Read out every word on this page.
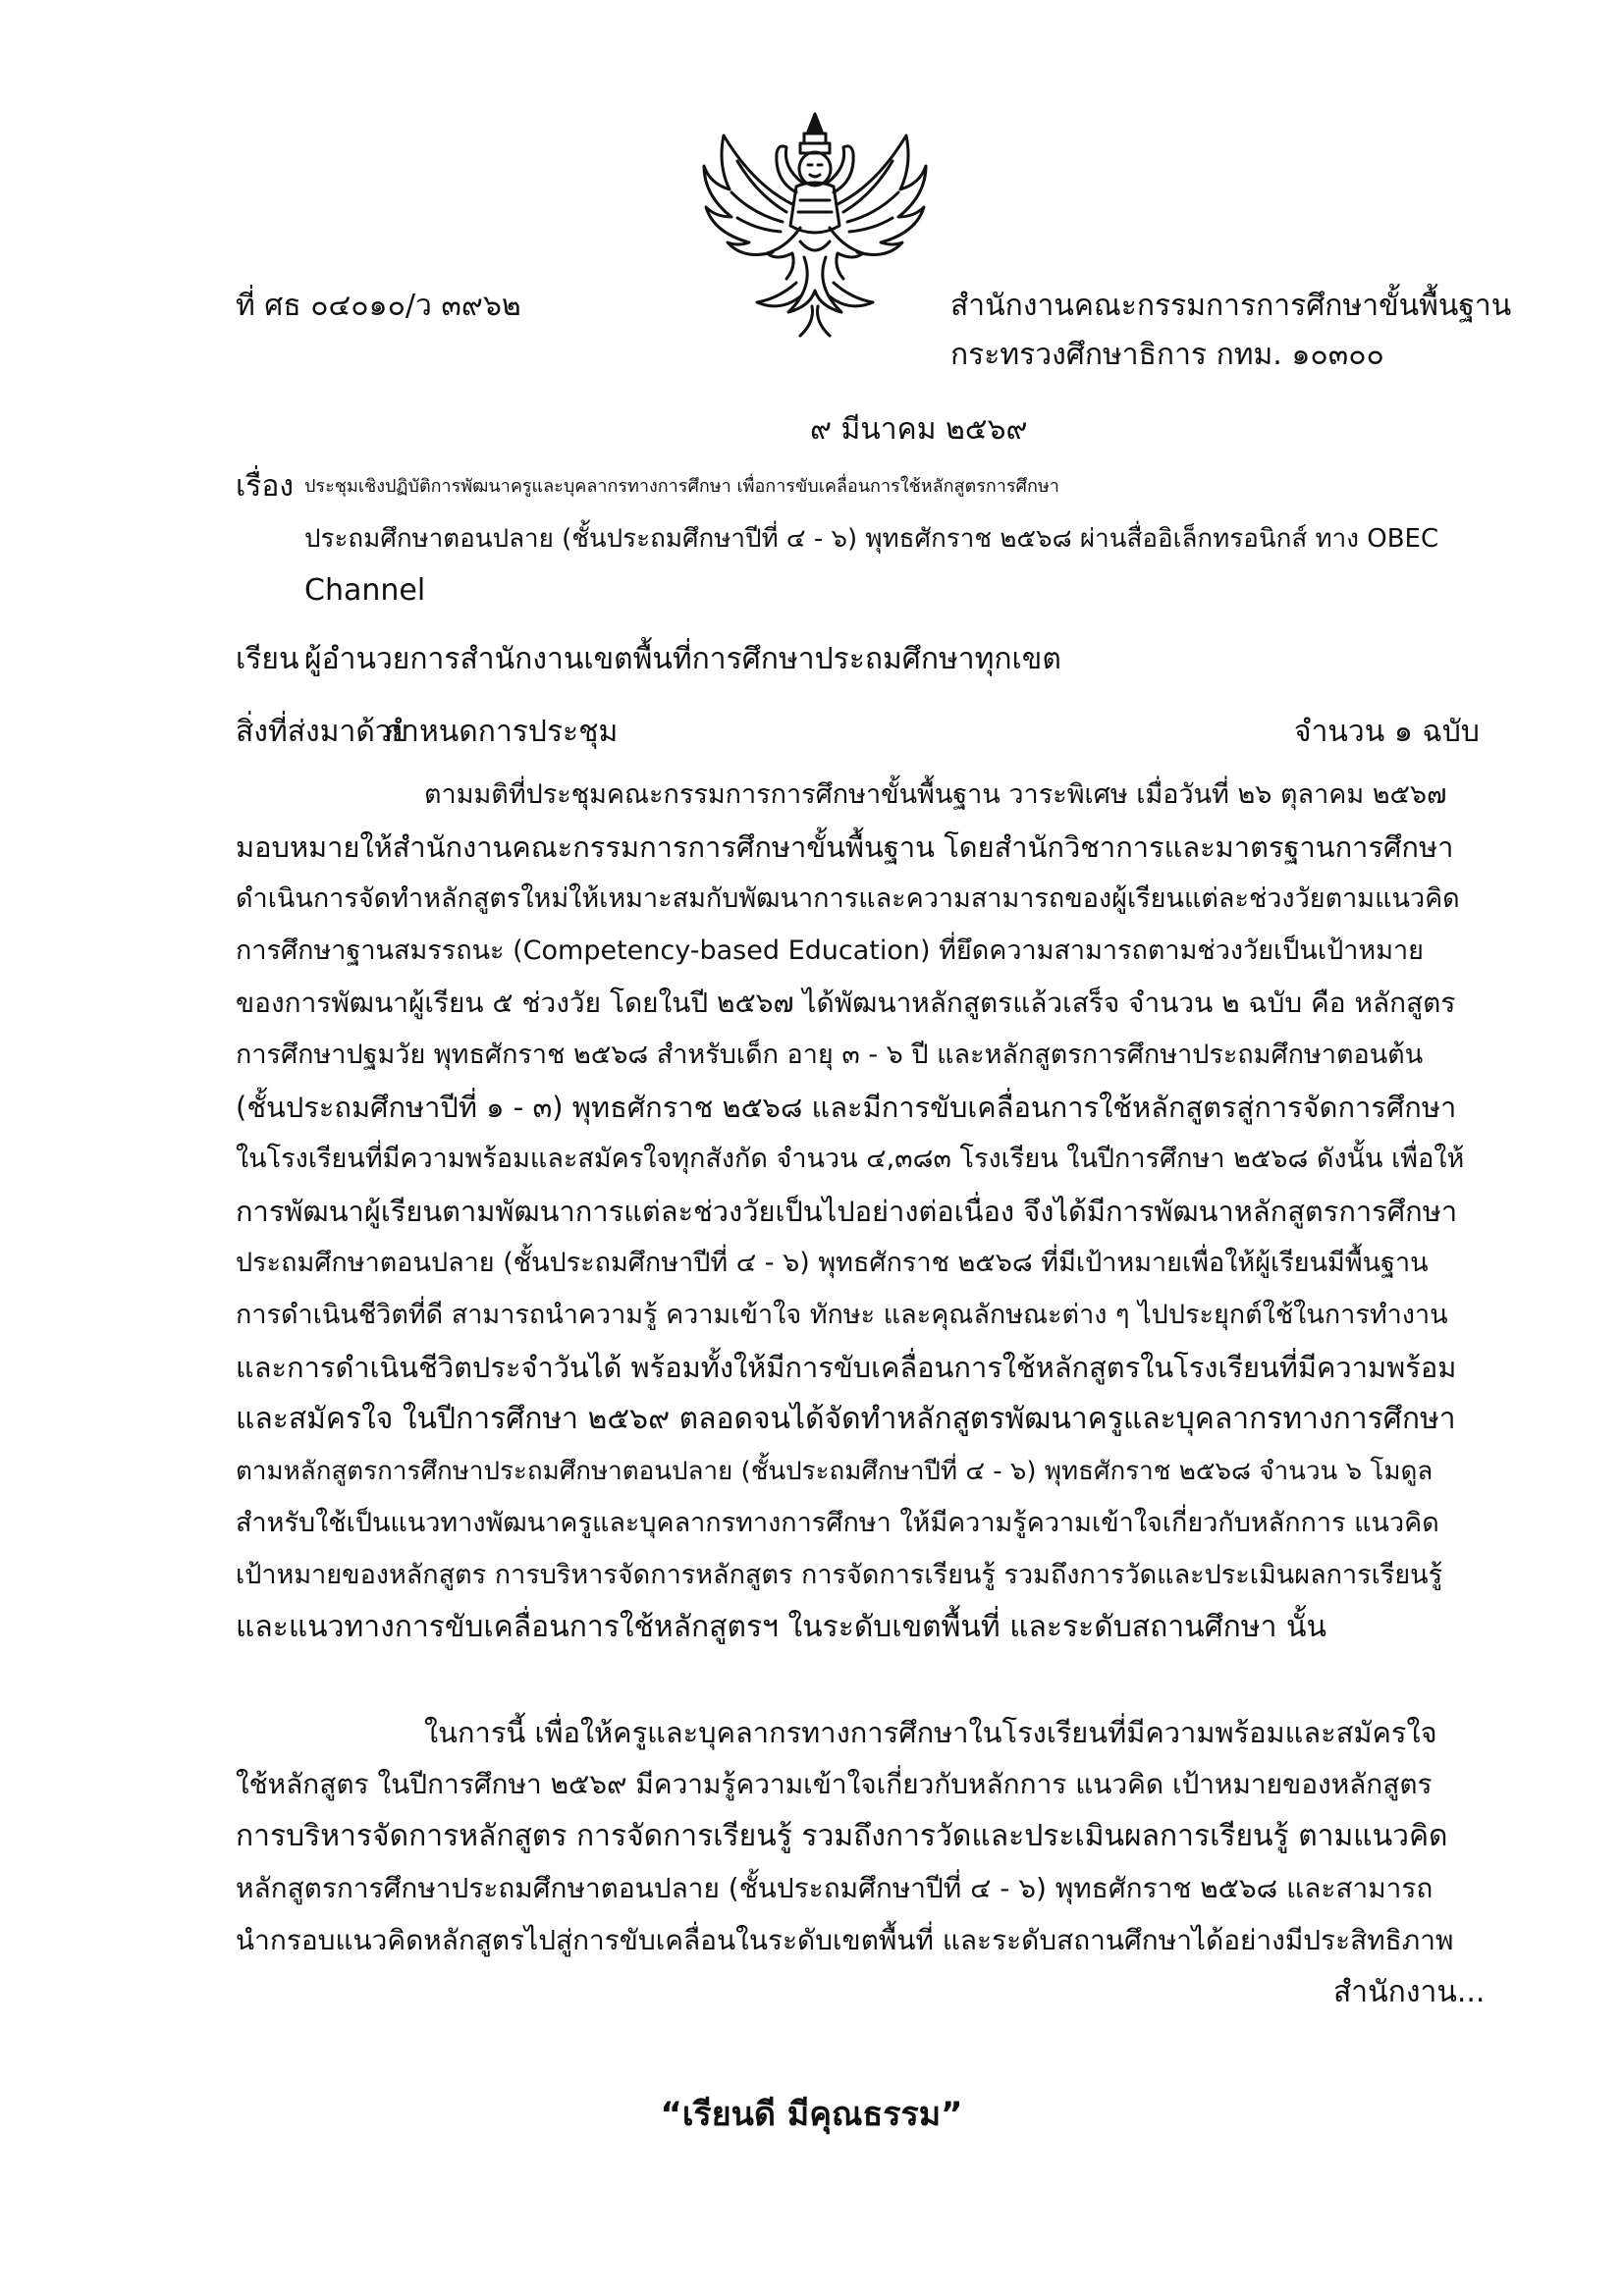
ที่ ศธ ๐๔๐๑๐/ว ๓๙๖๒	สำนักงานคณะกรรมการการศึกษาขั้นพื้นฐาน
กระทรวงศึกษาธิการ กทม. ๑๐๓๐๐
๙ มีนาคม ๒๕๖๙
เรื่อง ประชุมเชิงปฏิบัติการพัฒนาครูและบุคลากรทางการศึกษา เพื่อการขับเคลื่อนการใช้หลักสูตรการศึกษา
ประถมศึกษาตอนปลาย (ชั้นประถมศึกษาปีที่ ๔ - ๖) พุทธศักราช ๒๕๖๘ ผ่านสื่ออิเล็กทรอนิกส์ ทาง OBEC
Channel
เรียน ผู้อำนวยการสำนักงานเขตพื้นที่การศึกษาประถมศึกษาทุกเขต
สิ่งที่ส่งมาด้วย
กำหนดการประชุม	จำนวน ๑ ฉบับ
ตามมติที่ประชุมคณะกรรมการการศึกษาขั้นพื้นฐาน วาระพิเศษ เมื่อวันที่ ๒๖ ตุลาคม ๒๕๖๗
มอบหมายให้สำนักงานคณะกรรมการการศึกษาขั้นพื้นฐาน โดยสำนักวิชาการและมาตรฐานการศึกษา
ดำเนินการจัดทำหลักสูตรใหม่ให้เหมาะสมกับพัฒนาการและความสามารถของผู้เรียนแต่ละช่วงวัยตามแนวคิด
การศึกษาฐานสมรรถนะ (Competency-based Education) ที่ยึดความสามารถตามช่วงวัยเป็นเป้าหมาย
ของการพัฒนาผู้เรียน ๕ ช่วงวัย โดยในปี ๒๕๖๗ ได้พัฒนาหลักสูตรแล้วเสร็จ จำนวน ๒ ฉบับ คือ หลักสูตร
การศึกษาปฐมวัย พุทธศักราช ๒๕๖๘ สำหรับเด็ก อายุ ๓ - ๖ ปี และหลักสูตรการศึกษาประถมศึกษาตอนต้น
(ชั้นประถมศึกษาปีที่ ๑ - ๓) พุทธศักราช ๒๕๖๘ และมีการขับเคลื่อนการใช้หลักสูตรสู่การจัดการศึกษา
ในโรงเรียนที่มีความพร้อมและสมัครใจทุกสังกัด จำนวน ๔,๓๘๓ โรงเรียน ในปีการศึกษา ๒๕๖๘ ดังนั้น เพื่อให้
การพัฒนาผู้เรียนตามพัฒนาการแต่ละช่วงวัยเป็นไปอย่างต่อเนื่อง จึงได้มีการพัฒนาหลักสูตรการศึกษา
ประถมศึกษาตอนปลาย (ชั้นประถมศึกษาปีที่ ๔ - ๖) พุทธศักราช ๒๕๖๘ ที่มีเป้าหมายเพื่อให้ผู้เรียนมีพื้นฐาน
การดำเนินชีวิตที่ดี สามารถนำความรู้ ความเข้าใจ ทักษะ และคุณลักษณะต่าง ๆ ไปประยุกต์ใช้ในการทำงาน
และการดำเนินชีวิตประจำวันได้ พร้อมทั้งให้มีการขับเคลื่อนการใช้หลักสูตรในโรงเรียนที่มีความพร้อม
และสมัครใจ ในปีการศึกษา ๒๕๖๙ ตลอดจนได้จัดทำหลักสูตรพัฒนาครูและบุคลากรทางการศึกษา
ตามหลักสูตรการศึกษาประถมศึกษาตอนปลาย (ชั้นประถมศึกษาปีที่ ๔ - ๖) พุทธศักราช ๒๕๖๘ จำนวน ๖ โมดูล
สำหรับใช้เป็นแนวทางพัฒนาครูและบุคลากรทางการศึกษา ให้มีความรู้ความเข้าใจเกี่ยวกับหลักการ แนวคิด
เป้าหมายของหลักสูตร การบริหารจัดการหลักสูตร การจัดการเรียนรู้ รวมถึงการวัดและประเมินผลการเรียนรู้
และแนวทางการขับเคลื่อนการใช้หลักสูตรฯ ในระดับเขตพื้นที่ และระดับสถานศึกษา นั้น
ในการนี้ เพื่อให้ครูและบุคลากรทางการศึกษาในโรงเรียนที่มีความพร้อมและสมัครใจ
ใช้หลักสูตร ในปีการศึกษา ๒๕๖๙ มีความรู้ความเข้าใจเกี่ยวกับหลักการ แนวคิด เป้าหมายของหลักสูตร
การบริหารจัดการหลักสูตร การจัดการเรียนรู้ รวมถึงการวัดและประเมินผลการเรียนรู้ ตามแนวคิด
หลักสูตรการศึกษาประถมศึกษาตอนปลาย (ชั้นประถมศึกษาปีที่ ๔ - ๖) พุทธศักราช ๒๕๖๘ และสามารถ
นำกรอบแนวคิดหลักสูตรไปสู่การขับเคลื่อนในระดับเขตพื้นที่ และระดับสถานศึกษาได้อย่างมีประสิทธิภาพ
สำนักงาน...
“เรียนดี มีคุณธรรม”
